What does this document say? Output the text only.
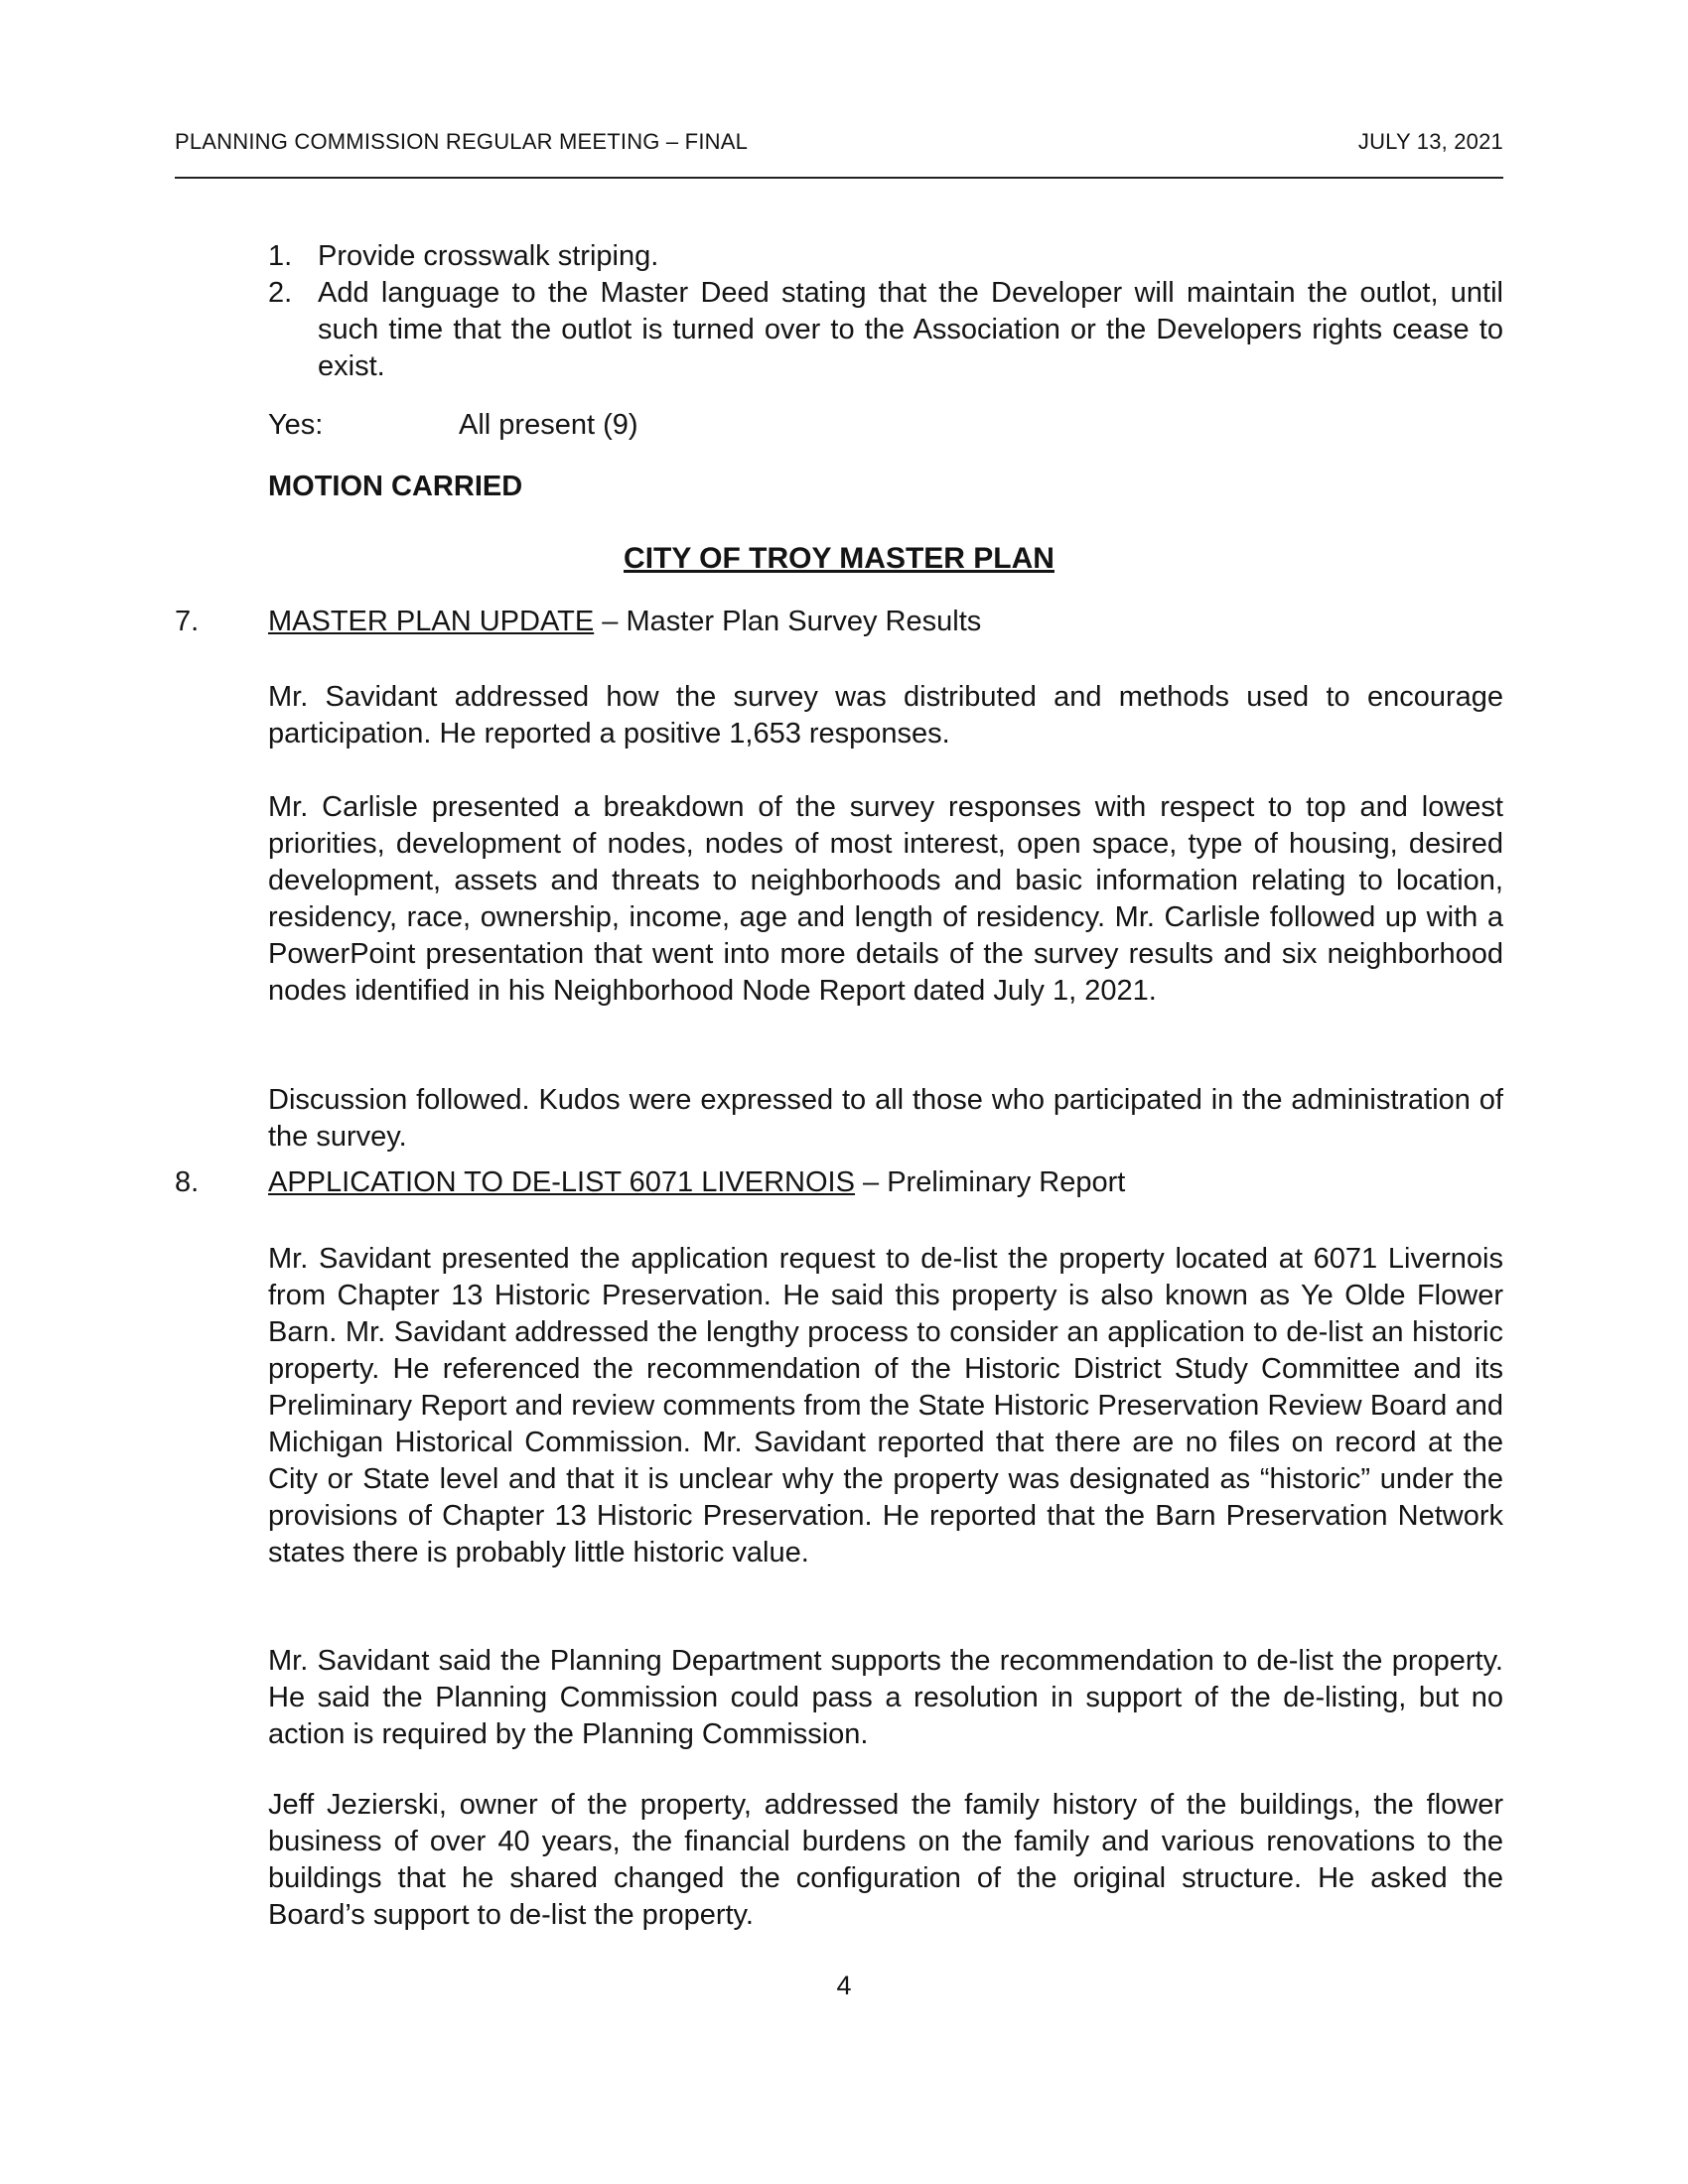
PLANNING COMMISSION REGULAR MEETING – FINAL	JULY 13, 2021
1. Provide crosswalk striping.
2. Add language to the Master Deed stating that the Developer will maintain the outlot, until such time that the outlot is turned over to the Association or the Developers rights cease to exist.
Yes:	All present (9)
MOTION CARRIED
CITY OF TROY MASTER PLAN
7.	MASTER PLAN UPDATE – Master Plan Survey Results

Mr. Savidant addressed how the survey was distributed and methods used to encourage participation. He reported a positive 1,653 responses.

Mr. Carlisle presented a breakdown of the survey responses with respect to top and lowest priorities, development of nodes, nodes of most interest, open space, type of housing, desired development, assets and threats to neighborhoods and basic information relating to location, residency, race, ownership, income, age and length of residency. Mr. Carlisle followed up with a PowerPoint presentation that went into more details of the survey results and six neighborhood nodes identified in his Neighborhood Node Report dated July 1, 2021.

Discussion followed. Kudos were expressed to all those who participated in the administration of the survey.

8.	APPLICATION TO DE-LIST 6071 LIVERNOIS – Preliminary Report

Mr. Savidant presented the application request to de-list the property located at 6071 Livernois from Chapter 13 Historic Preservation. He said this property is also known as Ye Olde Flower Barn. Mr. Savidant addressed the lengthy process to consider an application to de-list an historic property. He referenced the recommendation of the Historic District Study Committee and its Preliminary Report and review comments from the State Historic Preservation Review Board and Michigan Historical Commission. Mr. Savidant reported that there are no files on record at the City or State level and that it is unclear why the property was designated as “historic” under the provisions of Chapter 13 Historic Preservation. He reported that the Barn Preservation Network states there is probably little historic value.

Mr. Savidant said the Planning Department supports the recommendation to de-list the property. He said the Planning Commission could pass a resolution in support of the de-listing, but no action is required by the Planning Commission.

Jeff Jezierski, owner of the property, addressed the family history of the buildings, the flower business of over 40 years, the financial burdens on the family and various renovations to the buildings that he shared changed the configuration of the original structure. He asked the Board’s support to de-list the property.

4
